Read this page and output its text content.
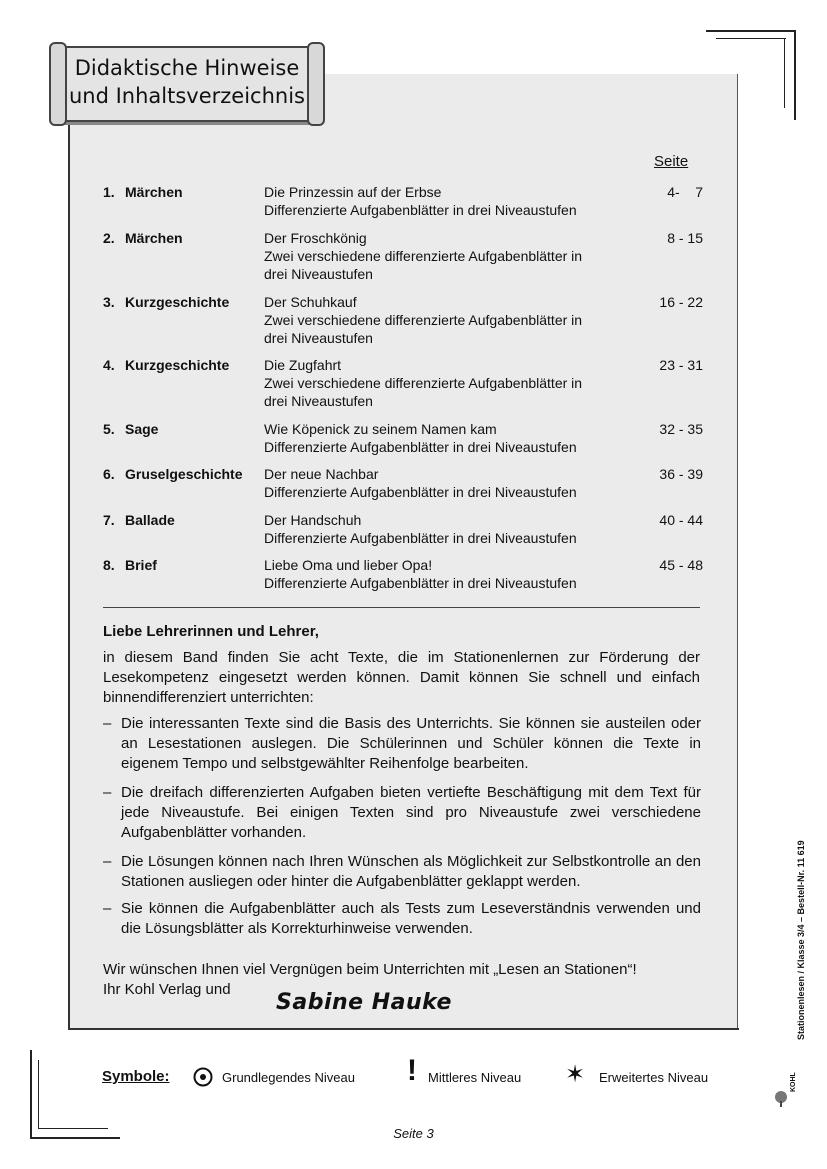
Didaktische Hinweise
und Inhaltsverzeichnis
Seite
1. Märchen	Die Prinzessin auf der Erbse
Differenzierte Aufgabenblätter in drei Niveaustufen
4-    7
2. Märchen	Der Froschkönig
Zwei verschiedene differenzierte Aufgabenblätter in
drei Niveaustufen
8 - 15
3. Kurzgeschichte Der Schuhkauf
Zwei verschiedene differenzierte Aufgabenblätter in
drei Niveaustufen
16 - 22
4. Kurzgeschichte Die Zugfahrt
Zwei verschiedene differenzierte Aufgabenblätter in
drei Niveaustufen
23 - 31
5. Sage	Wie Köpenick zu seinem Namen kam
Differenzierte Aufgabenblätter in drei Niveaustufen
32 - 35
6. Gruselgeschichte Der neue Nachbar
Differenzierte Aufgabenblätter in drei Niveaustufen
36 - 39
7. Ballade	Der Handschuh
Differenzierte Aufgabenblätter in drei Niveaustufen
40 - 44
8. Brief	Liebe Oma und lieber Opa!
Differenzierte Aufgabenblätter in drei Niveaustufen
45 - 48
Liebe Lehrerinnen und Lehrer,
in diesem Band finden Sie acht Texte, die im Stationenlernen zur Förderung der Lesekompetenz eingesetzt werden können. Damit können Sie schnell und einfach binnendifferenziert unterrichten:
– Die interessanten Texte sind die Basis des Unterrichts. Sie können sie austeilen oder an Lesestationen auslegen. Die Schülerinnen und Schüler können die Texte in eigenem Tempo und selbstgewählter Reihenfolge bearbeiten.
– Die dreifach differenzierten Aufgaben bieten vertiefte Beschäftigung mit dem Text für jede Niveaustufe. Bei einigen Texten sind pro Niveaustufe zwei verschiedene Aufgabenblätter vorhanden.
– Die Lösungen können nach Ihren Wünschen als Möglichkeit zur Selbstkontrolle an den Stationen ausliegen oder hinter die Aufgabenblätter geklappt werden.
– Sie können die Aufgabenblätter auch als Tests zum Leseverständnis verwenden und die Lösungsblätter als Korrekturhinweise verwenden.
Wir wünschen Ihnen viel Vergnügen beim Unterrichten mit „Lesen an Stationen“!
Ihr Kohl Verlag und
Sabine Hauke
Symbole:	Grundlegendes Niveau ! Mittleres Niveau ✶ Erweitertes Niveau
Stationenlesen / Klasse 3/4 – Bestell-Nr. 11 619
KOHL
Seite 3
